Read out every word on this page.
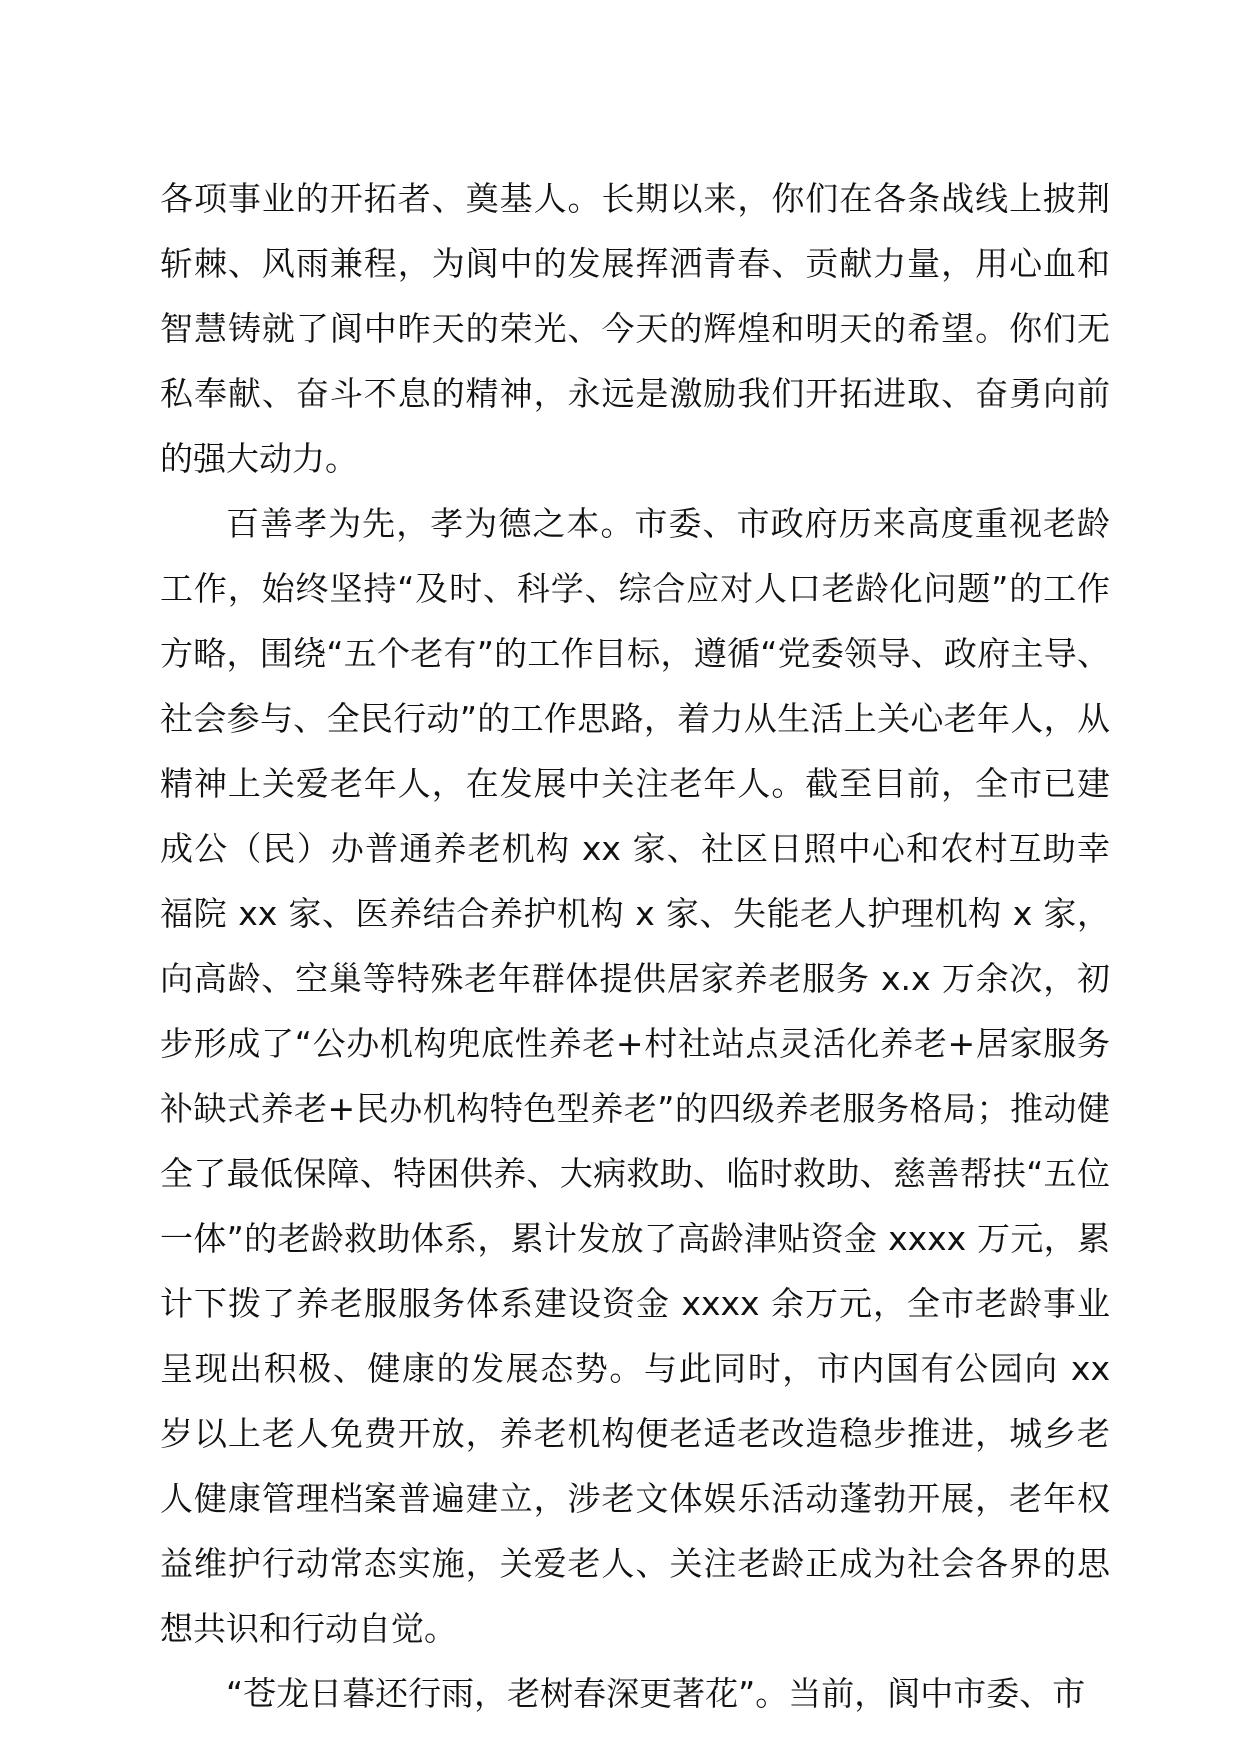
各项事业的开拓者、奠基人。长期以来，你们在各条战线上披荆斩棘、风雨兼程，为阆中的发展挥洒青春、贡献力量，用心血和智慧铸就了阆中昨天的荣光、今天的辉煌和明天的希望。你们无私奉献、奋斗不息的精神，永远是激励我们开拓进取、奋勇向前的强大动力。

百善孝为先，孝为德之本。市委、市政府历来高度重视老龄工作，始终坚持“及时、科学、综合应对人口老龄化问题”的工作方略，围绕“五个老有”的工作目标，遵循“党委领导、政府主导、社会参与、全民行动”的工作思路，着力从生活上关心老年人，从精神上关爱老年人，在发展中关注老年人。截至目前，全市已建成公（民）办普通养老机构 xx 家、社区日照中心和农村互助幸福院 xx 家、医养结合养护机构 x 家、失能老人护理机构 x 家，向高龄、空巢等特殊老年群体提供居家养老服务 x.x 万余次，初步形成了“公办机构兜底性养老+村社站点灵活化养老+居家服务补缺式养老+民办机构特色型养老”的四级养老服务格局；推动健全了最低保障、特困供养、大病救助、临时救助、慈善帮扶“五位一体”的老龄救助体系，累计发放了高龄津贴资金 xxxx 万元，累计下拨了养老服服务体系建设资金 xxxx 余万元，全市老龄事业呈现出积极、健康的发展态势。与此同时，市内国有公园向 xx 岁以上老人免费开放，养老机构便老适老改造稳步推进，城乡老人健康管理档案普遍建立，涉老文体娱乐活动蓬勃开展，老年权益维护行动常态实施，关爱老人、关注老龄正成为社会各界的思想共识和行动自觉。

“苍龙日暮还行雨，老树春深更著花”。当前，阆中市委、市
